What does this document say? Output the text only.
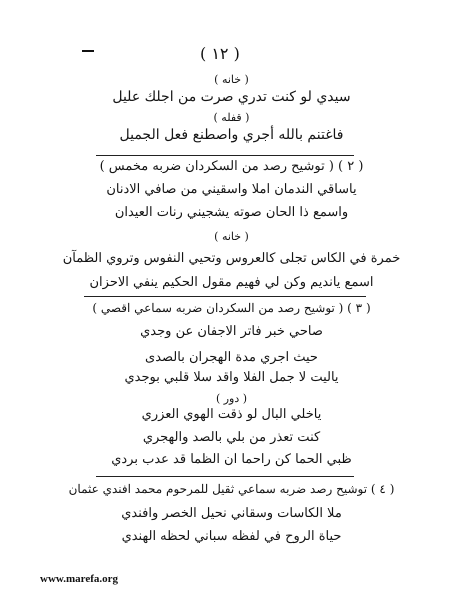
( ١٢ )
( خانه )
سيدي لو كنت تدري صرت من اجلك عليل
( قفله )
فاغتنم بالله أجري واصطنع فعل الجميل
( ٢ ) ( توشيح رصد من السكردان ضربه مخمس )
ياساقي الندمان املا واسقيني من صافي الادنان
واسمع ذا الحان صوته يشجيني رنات العيدان
( خانه )
خمرة في الكاس تجلى كالعروس وتحيي النفوس وتروي الظمآن
اسمع ياندیم وكن لي فهيم مقول الحكيم ينفي الاحزان
( ٣ ) ( توشيح رصد من السكردان ضربه سماعي اقصي )
صاحي خبر فاتر الاجفان عن وجدي
حيث اجري مدة الهجران بالصدى
ياليت لا جمل الفلا واقد سلا قلبي بوجدي
( دور )
ياخلي البال لو ذقت الهوي العزري
كنت تعذر من بلي بالصد والهجري
ظبي الحما كن راحما ان الظما قد عدب بردي
( ٤ ) توشيح رصد ضربه سماعي ثقيل للمرحوم محمد افندي عثمان
ملا الكاسات وسقاني نحيل الخصر وافندي
حياة الروح في لفظه سباني لحظه الهندي
www.marefa.org
